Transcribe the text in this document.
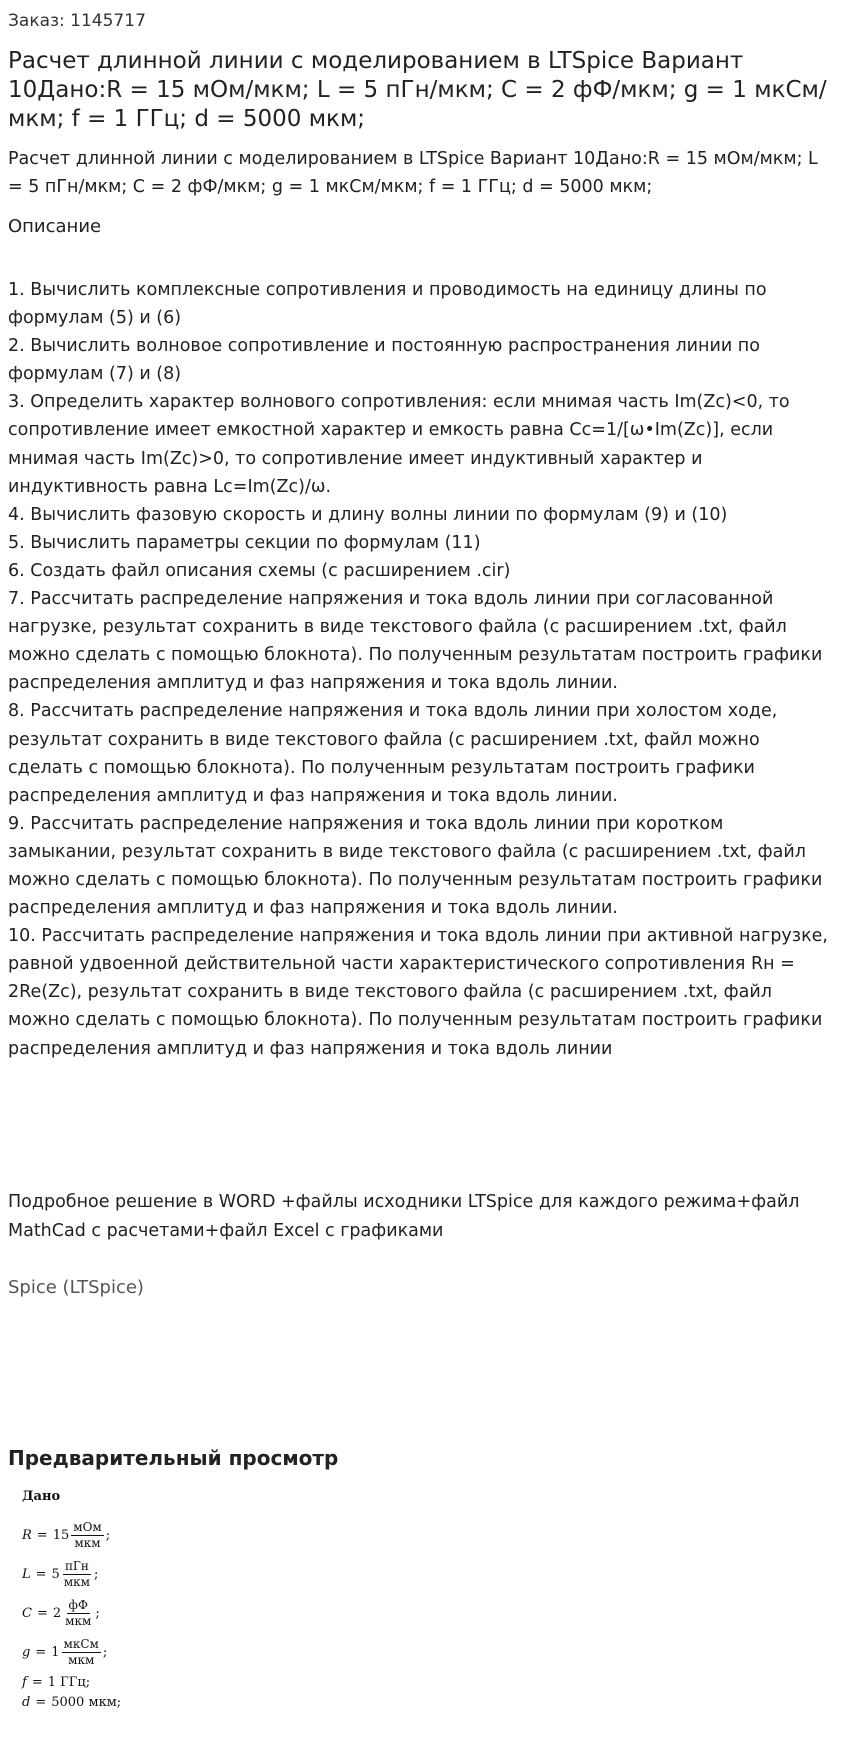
Заказ: 1145717
Расчет длинной линии с моделированием в LTSpice Вариант 10Дано:R = 15 мОм/мкм; L = 5 пГн/мкм; C = 2 фФ/мкм; g = 1 мкСм/мкм; f = 1 ГГц; d = 5000 мкм;

Расчет длинной линии с моделированием в LTSpice Вариант 10Дано:R = 15 мОм/мкм; L = 5 пГн/мкм; C = 2 фФ/мкм; g = 1 мкСм/мкм; f = 1 ГГц; d = 5000 мкм;

Описание
1. Вычислить комплексные сопротивления и проводимость на единицу длины по формулам (5) и (6)
2. Вычислить волновое сопротивление и постоянную распространения линии по формулам (7) и (8)
3. Определить характер волнового сопротивления: если мнимая часть Im(Zc)<0, то сопротивление имеет емкостной характер и емкость равна Cc=1/[ω•Im(Zc)], если мнимая часть Im(Zc)>0, то сопротивление имеет индуктивный характер и индуктивность равна Lc=Im(Zc)/ω.
4. Вычислить фазовую скорость и длину волны линии по формулам (9) и (10)
5. Вычислить параметры секции по формулам (11)
6. Создать файл описания схемы (с расширением .cir)
7. Рассчитать распределение напряжения и тока вдоль линии при согласованной нагрузке, результат сохранить в виде текстового файла (с расширением .txt, файл можно сделать с помощью блокнота). По полученным результатам построить графики распределения амплитуд и фаз напряжения и тока вдоль линии.
8. Рассчитать распределение напряжения и тока вдоль линии при холостом ходе, результат сохранить в виде текстового файла (с расширением .txt, файл можно сделать с помощью блокнота). По полученным результатам построить графики распределения амплитуд и фаз напряжения и тока вдоль линии.
9. Рассчитать распределение напряжения и тока вдоль линии при коротком замыкании, результат сохранить в виде текстового файла (с расширением .txt, файл можно сделать с помощью блокнота). По полученным результатам построить графики распределения амплитуд и фаз напряжения и тока вдоль линии.
10. Рассчитать распределение напряжения и тока вдоль линии при активной нагрузке, равной удвоенной действительной части характеристического сопротивления Rн = 2Re(Zc), результат сохранить в виде текстового файла (с расширением .txt, файл можно сделать с помощью блокнота). По полученным результатам построить графики распределения амплитуд и фаз напряжения и тока вдоль линии

Подробное решение в WORD +файлы исходники LTSpice для каждого режима+файл MathCad с расчетами+файл Excel с графиками

Spice (LTSpice)
Предварительный просмотр
Дано
$R = 15 \frac{\text{мОм}}{\text{мкм}}$ ;
$L = 5 \frac{\text{пГн}}{\text{мкм}}$ ;
$C = 2 \frac{фФ}{\text{мкм}}$ ;
$g = 1 \frac{\text{мкСм}}{\text{мкм}}$ ;
f = 1 ГГц;
d = 5000 мкм;
